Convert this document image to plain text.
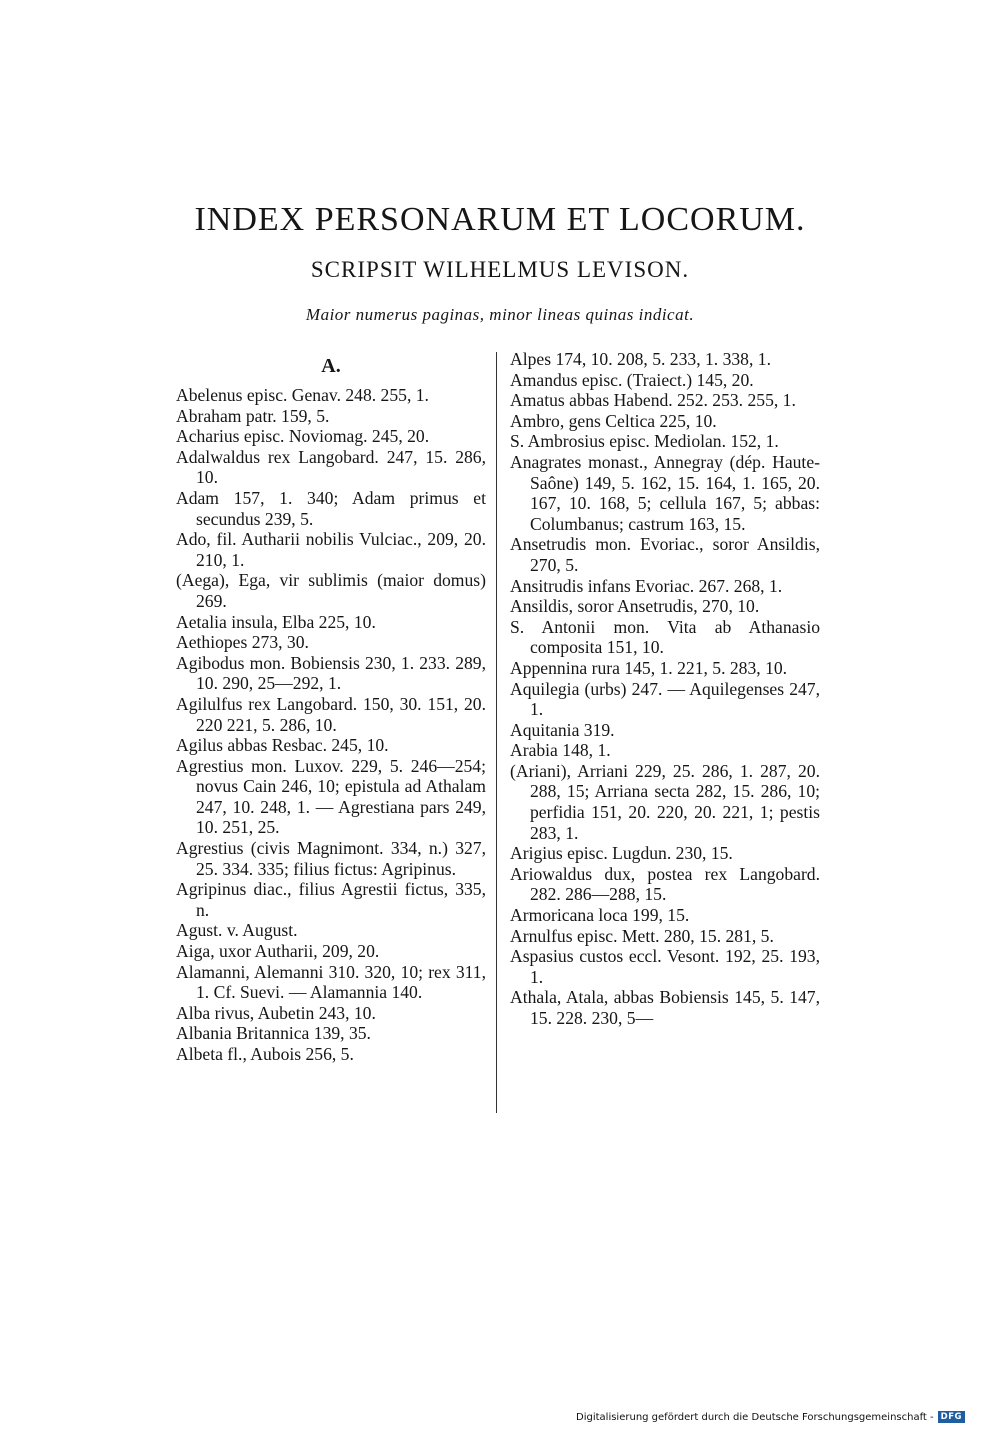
INDEX PERSONARUM ET LOCORUM.
SCRIPSIT WILHELMUS LEVISON.
Maior numerus paginas, minor lineas quinas indicat.
A.

Abelenus episc. Genav. 248. 255, 1.

Abraham patr. 159, 5.

Acharius episc. Noviomag. 245, 20.

Adalwaldus rex Langobard. 247, 15. 286, 10.

Adam 157, 1. 340; Adam primus et secundus 239, 5.

Ado, fil. Autharii nobilis Vulciac., 209, 20. 210, 1.

(Aega), Ega, vir sublimis (maior domus) 269.

Aetalia insula, Elba 225, 10.

Aethiopes 273, 30.

Agibodus mon. Bobiensis 230, 1. 233. 289, 10. 290, 25—292, 1.

Agilulfus rex Langobard. 150, 30. 151, 20. 220 221, 5. 286, 10.

Agilus abbas Resbac. 245, 10.

Agrestius mon. Luxov. 229, 5. 246—254; novus Cain 246, 10; epistula ad Athalam 247, 10. 248, 1. — Agrestiana pars 249, 10. 251, 25.

Agrestius (civis Magnimont. 334, n.) 327, 25. 334. 335; filius fictus: Agripinus.

Agripinus diac., filius Agrestii fictus, 335, n.

Agust. v. August.

Aiga, uxor Autharii, 209, 20.

Alamanni, Alemanni 310. 320, 10; rex 311, 1. Cf. Suevi. — Alamannia 140.

Alba rivus, Aubetin 243, 10.

Albania Britannica 139, 35.

Albeta fl., Aubois 256, 5.

Alpes 174, 10. 208, 5. 233, 1. 338, 1.

Amandus episc. (Traiect.) 145, 20.

Amatus abbas Habend. 252. 253. 255, 1.

Ambro, gens Celtica 225, 10.

S. Ambrosius episc. Mediolan. 152, 1.

Anagrates monast., Annegray (dép. Haute-Saône) 149, 5. 162, 15. 164, 1. 165, 20. 167, 10. 168, 5; cellula 167, 5; abbas: Columbanus; castrum 163, 15.

Ansetrudis mon. Evoriac., soror Ansildis, 270, 5.

Ansitrudis infans Evoriac. 267. 268, 1.

Ansildis, soror Ansetrudis, 270, 10.

S. Antonii mon. Vita ab Athanasio composita 151, 10.

Appennina rura 145, 1. 221, 5. 283, 10.

Aquilegia (urbs) 247. — Aquilegenses 247, 1.

Aquitania 319.

Arabia 148, 1.

(Ariani), Arriani 229, 25. 286, 1. 287, 20. 288, 15; Arriana secta 282, 15. 286, 10; perfidia 151, 20. 220, 20. 221, 1; pestis 283, 1.

Arigius episc. Lugdun. 230, 15.

Ariowaldus dux, postea rex Langobard. 282. 286—288, 15.

Armoricana loca 199, 15.

Arnulfus episc. Mett. 280, 15. 281, 5.

Aspasius custos eccl. Vesont. 192, 25. 193, 1.

Athala, Atala, abbas Bobiensis 145, 5. 147, 15. 228. 230, 5—

Digitalisierung gefördert durch die Deutsche Forschungsgemeinschaft - DFG
